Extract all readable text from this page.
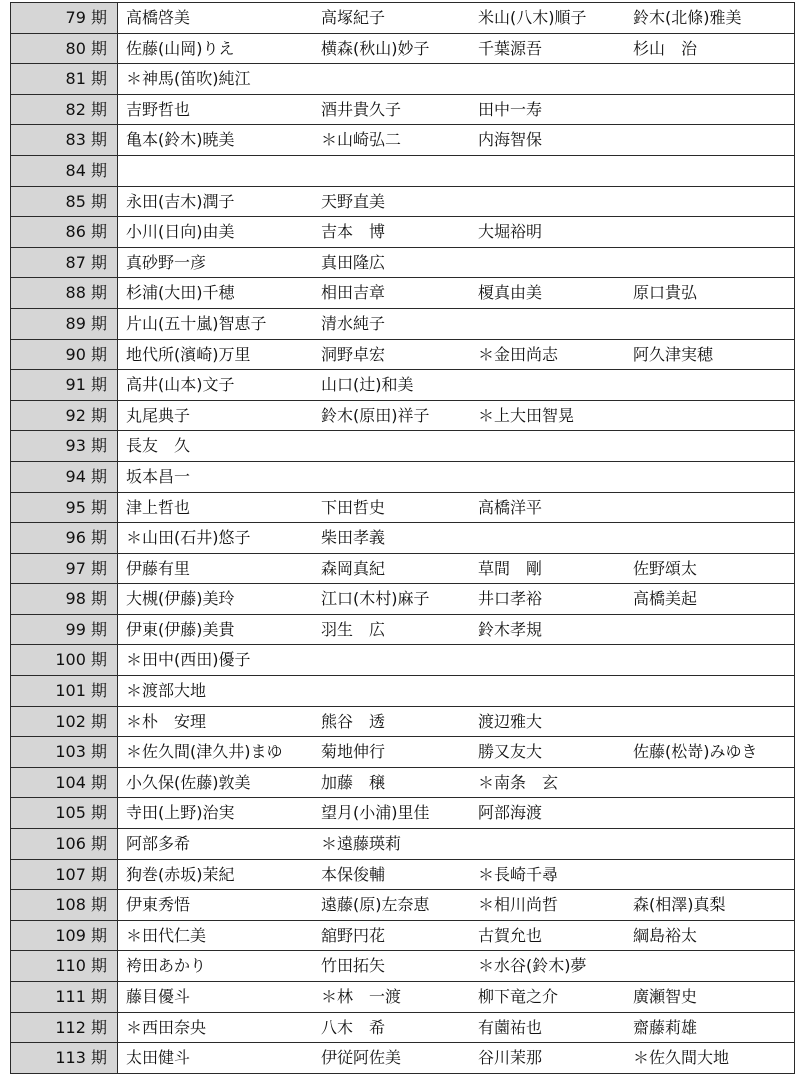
79 期	高橋啓美 高塚紀子 米山(八木)順子 鈴木(北條)雅美
80 期	佐藤(山岡)りえ 横森(秋山)妙子 千葉源吾 杉山　治
81 期	＊神馬(笛吹)純江
82 期	吉野哲也 酒井貴久子 田中一寿
83 期	亀本(鈴木)暁美 ＊山崎弘二 内海智保
84 期	
85 期	永田(吉木)潤子 天野直美
86 期	小川(日向)由美 吉本　博 大堀裕明
87 期	真砂野一彦 真田隆広
88 期	杉浦(大田)千穂 相田吉章 榎真由美 原口貴弘
89 期	片山(五十嵐)智恵子 清水純子
90 期	地代所(濱崎)万里 洞野卓宏 ＊金田尚志 阿久津実穂
91 期	高井(山本)文子 山口(辻)和美
92 期	丸尾典子 鈴木(原田)祥子 ＊上大田智晃
93 期	長友　久
94 期	坂本昌一
95 期	津上哲也 下田哲史 高橋洋平
96 期	＊山田(石井)悠子 柴田孝義
97 期	伊藤有里 森岡真紀 草間　剛 佐野頌太
98 期	大槻(伊藤)美玲 江口(木村)麻子 井口孝裕 高橋美起
99 期	伊東(伊藤)美貴 羽生　広 鈴木孝規
100 期	＊田中(西田)優子
101 期	＊渡部大地
102 期	＊朴　安理 熊谷　透 渡辺雅大
103 期	＊佐久間(津久井)まゆ 菊地伸行 勝又友大 佐藤(松嵜)みゆき
104 期	小久保(佐藤)敦美 加藤　穣 ＊南条　玄
105 期	寺田(上野)治実 望月(小浦)里佳 阿部海渡
106 期	阿部多希 ＊遠藤瑛莉
107 期	狗巻(赤坂)茉紀 本保俊輔 ＊長崎千尋
108 期	伊東秀悟 遠藤(原)左奈恵 ＊相川尚哲 森(相澤)真梨
109 期	＊田代仁美 舘野円花 古賀允也 綱島裕太
110 期	袴田あかり 竹田拓矢 ＊水谷(鈴木)夢
111 期	藤目優斗 ＊林　一渡 柳下竜之介 廣瀬智史
112 期	＊西田奈央 八木　希 有薗祐也 齋藤莉雄
113 期	太田健斗 伊従阿佐美 谷川茉那 ＊佐久間大地
